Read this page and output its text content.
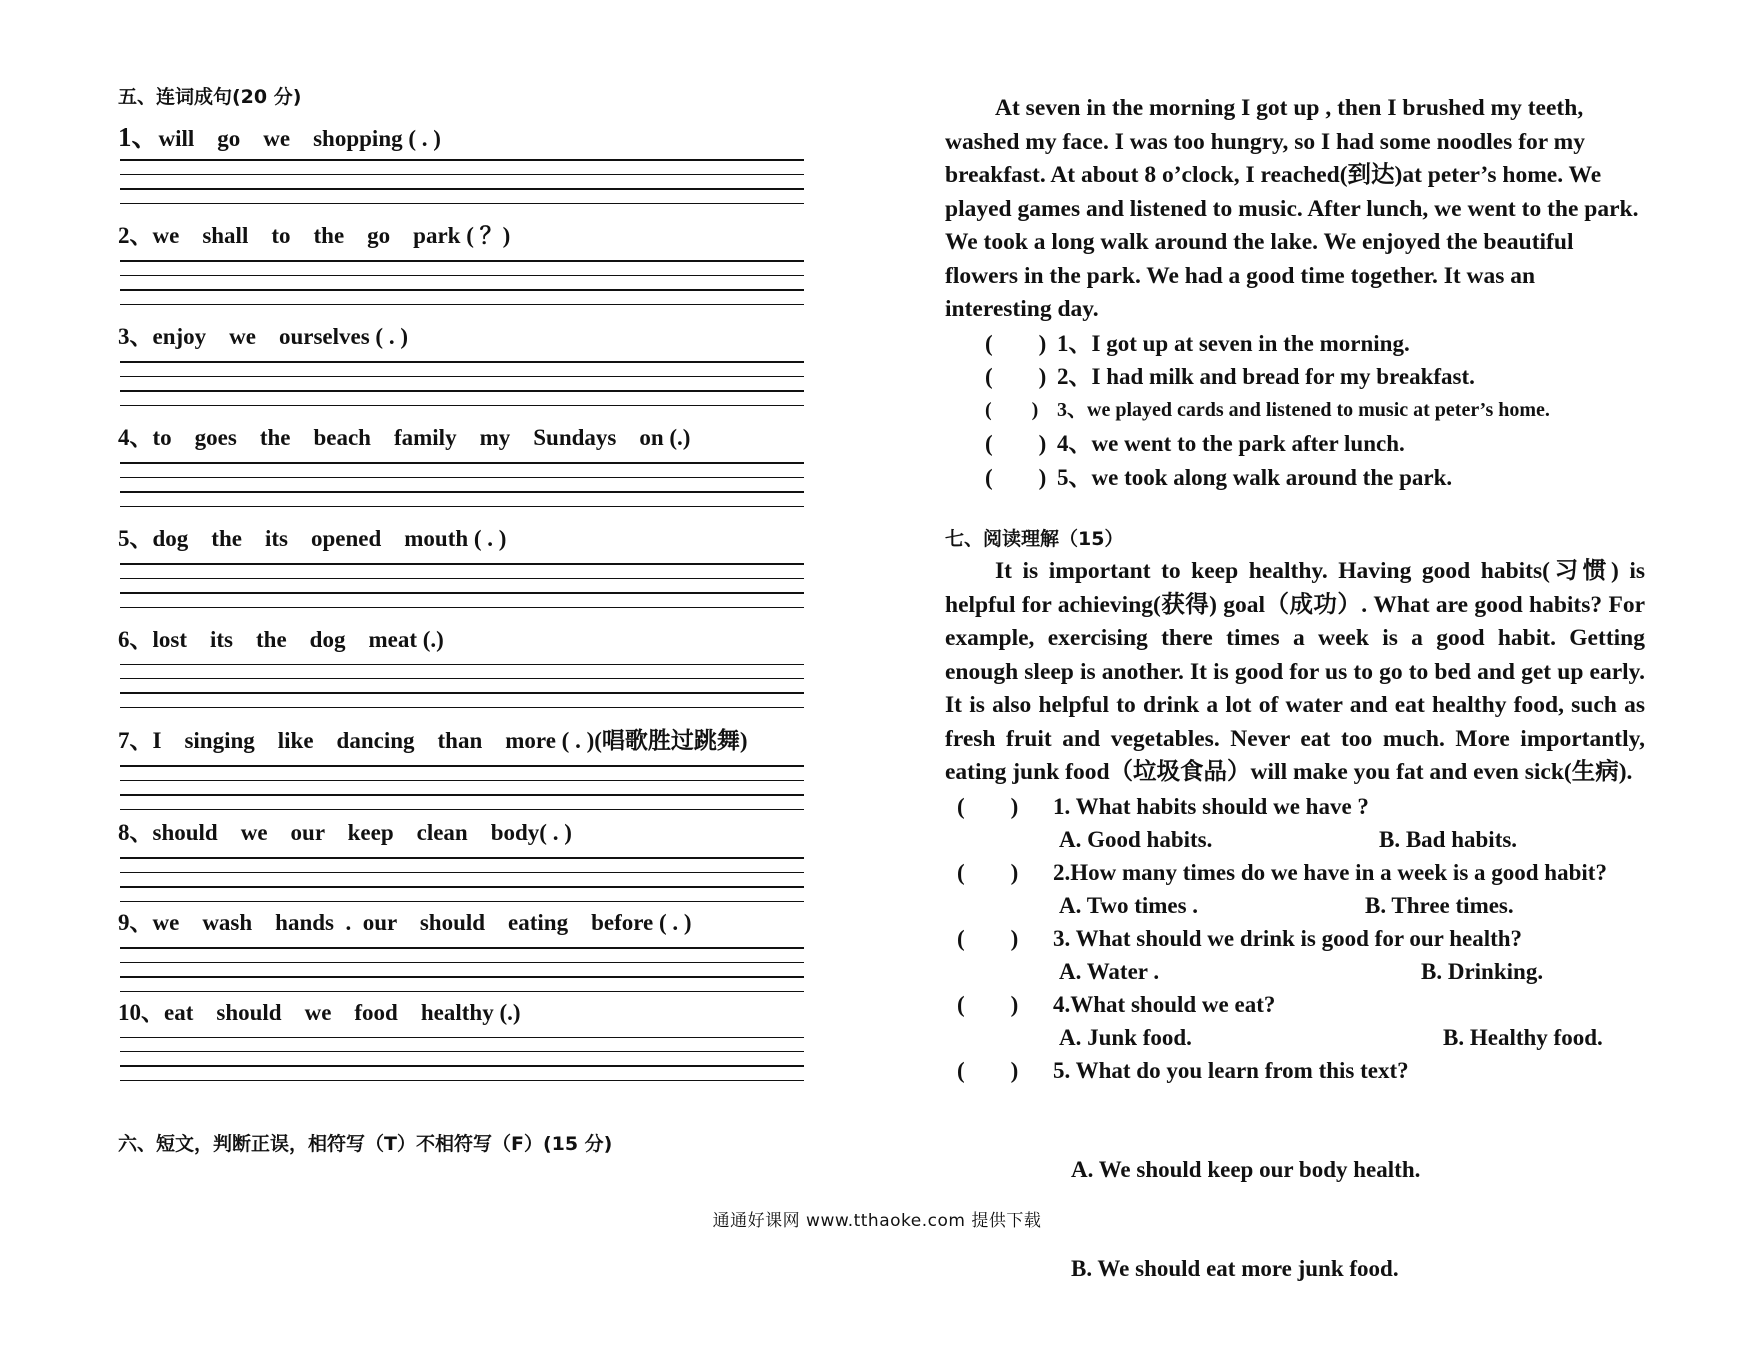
五、连词成句(20 分)

1、will    go    we    shopping ( . )
2、we    shall    to    the    go    park ( ？)
3、enjoy    we    ourselves ( . )
4、to    goes    the    beach    family    my    Sundays    on (.)
5、dog    the    its    opened    mouth ( . )
6、lost    its    the    dog    meat (.)
7、I    singing    like    dancing    than    more ( . )(唱歌胜过跳舞)
8、should    we    our    keep    clean    body( . )
9、we    wash    hands  .  our    should    eating    before ( . )
10、eat    should    we    food    healthy (.)

六、短文，判断正误，相符写（T）不相符写（F）(15 分)

At seven in the morning I got up , then I brushed my teeth, washed my face. I was too hungry, so I had some noodles for my breakfast. At about 8 o’clock, I reached(到达)at peter’s home. We played games and listened to music. After lunch, we went to the park. We took a long walk around the lake. We enjoyed the beautiful flowers in the park. We had a good time together. It was an interesting day.

(        ) 1、I got up at seven in the morning.
(        ) 2、I had milk and bread for my breakfast.
(        ) 3、we played cards and listened to music at peter’s home.
(        ) 4、we went to the park after lunch.
(        ) 5、we took along walk around the park.

七、阅读理解（15）

It is important to keep healthy. Having good habits(习惯) is helpful for achieving(获得) goal（成功）. What are good habits? For example, exercising there times a week is a good habit. Getting enough sleep is another. It is good for us to go to bed and get up early. It is also helpful to drink a lot of water and eat healthy food, such as fresh fruit and vegetables. Never eat too much. More importantly, eating junk food（垃圾食品）will make you fat and even sick(生病).

(        ) 1. What habits should we have ?
A. Good habits.	B. Bad habits.
(        ) 2.How many times do we have in a week is a good habit?
A. Two times .	B. Three times.
(        ) 3. What should we drink is good for our health?
A. Water .	B. Drinking.
(        ) 4.What should we eat?
A. Junk food.	B. Healthy food.
(        ) 5. What do you learn from this text?

A. We should keep our body health.

B. We should eat more junk food.

通通好课网 www.tthaoke.com 提供下载
